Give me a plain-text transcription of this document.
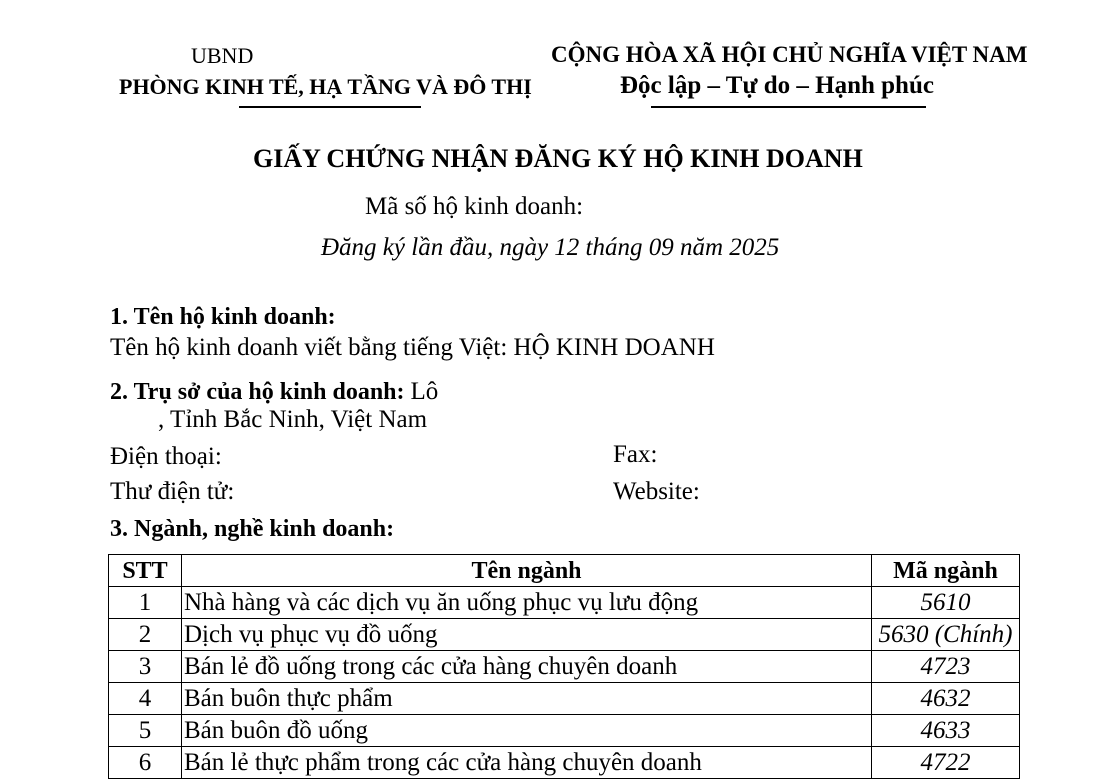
UBND
PHÒNG KINH TẾ, HẠ TẦNG VÀ ĐÔ THỊ
CỘNG HÒA XÃ HỘI CHỦ NGHĨA VIỆT NAM
Độc lập – Tự do – Hạnh phúc
GIẤY CHỨNG NHẬN ĐĂNG KÝ HỘ KINH DOANH
Mã số hộ kinh doanh:
Đăng ký lần đầu, ngày 12 tháng 09 năm 2025
1. Tên hộ kinh doanh:
Tên hộ kinh doanh viết bằng tiếng Việt: HỘ KINH DOANH
2. Trụ sở của hộ kinh doanh: Lô
, Tỉnh Bắc Ninh, Việt Nam
Điện thoại:	Fax:
Thư điện tử:	Website:
3. Ngành, nghề kinh doanh:
STT	Tên ngành	Mã ngành
1	Nhà hàng và các dịch vụ ăn uống phục vụ lưu động	5610
2	Dịch vụ phục vụ đồ uống	5630 (Chính)
3	Bán lẻ đồ uống trong các cửa hàng chuyên doanh	4723
4	Bán buôn thực phẩm	4632
5	Bán buôn đồ uống	4633
6	Bán lẻ thực phẩm trong các cửa hàng chuyên doanh	4722
